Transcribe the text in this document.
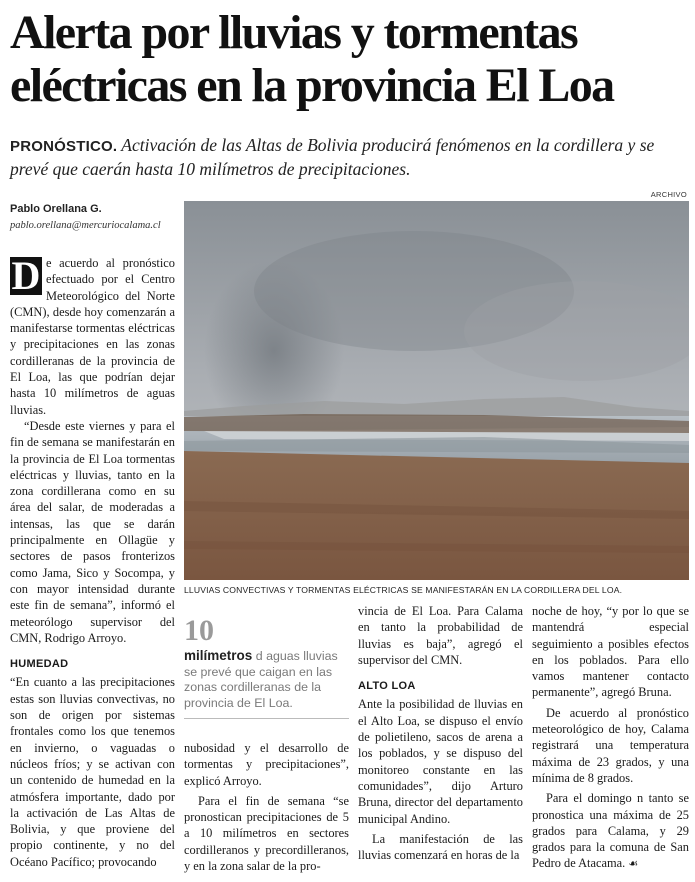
Alerta por lluvias y tormentas eléctricas en la provincia El Loa
PRONÓSTICO. Activación de las Altas de Bolivia producirá fenómenos en la cordillera y se prevé que caerán hasta 10 milímetros de precipitaciones.
ARCHIVO
Pablo Orellana G.
pablo.orellana@mercuriocalama.cl
LLUVIAS CONVECTIVAS Y TORMENTAS ELÉCTRICAS SE MANIFESTARÁN EN LA CORDILLERA DEL LOA.

D e acuerdo al pronóstico efectuado por el Centro Meteorológico del Norte (CMN), desde hoy comenzarán a manifestarse tormentas eléctricas y precipitaciones en las zonas cordilleranas de la provincia de El Loa, las que podrían dejar hasta 10 milímetros de aguas lluvias.

“Desde este viernes y para el fin de semana se manifestarán en la provincia de El Loa tormentas eléctricas y lluvias, tanto en la zona cordillerana como en su área del salar, de moderadas a intensas, las que se darán principalmente en Ollagüe y sectores de pasos fronterizos como Jama, Sico y Socompa, y con mayor intensidad durante este fin de semana”, informó el meteorólogo supervisor del CMN, Rodrigo Arroyo.

HUMEDAD

“En cuanto a las precipitaciones estas son lluvias convectivas, no son de origen por sistemas frontales como los que tenemos en invierno, o vaguadas o núcleos fríos; y se activan con un contenido de humedad en la atmósfera importante, dado por la activación de Las Altas de Bolivia, y que proviene del propio continente, y no del Océano Pacífico; provocando

10
milímetros d aguas lluvias se prevé que caigan en las zonas cordilleranas de la provincia de El Loa.

nubosidad y el desarrollo de tormentas y precipitaciones”, explicó Arroyo.

Para el fin de semana “se pronostican precipitaciones de 5 a 10 milímetros en sectores cordilleranos y precordilleranos, y en la zona salar de la pro-

vincia de El Loa. Para Calama en tanto la probabilidad de lluvias es baja”, agregó el supervisor del CMN.

ALTO LOA

Ante la posibilidad de lluvias en el Alto Loa, se dispuso el envío de polietileno, sacos de arena a los poblados, y se dispuso del monitoreo constante en las comunidades”, dijo Arturo Bruna, director del departamento municipal Andino.

La manifestación de las lluvias comenzará en horas de la

noche de hoy, “y por lo que se mantendrá especial seguimiento a posibles efectos en los poblados. Para ello vamos mantener contacto permanente”, agregó Bruna.

De acuerdo al pronóstico meteorológico de hoy, Calama registrará una temperatura máxima de 23 grados, y una mínima de 8 grados.

Para el domingo n tanto se pronostica una máxima de 25 grados para Calama, y 29 grados para la comuna de San Pedro de Atacama. ☙
